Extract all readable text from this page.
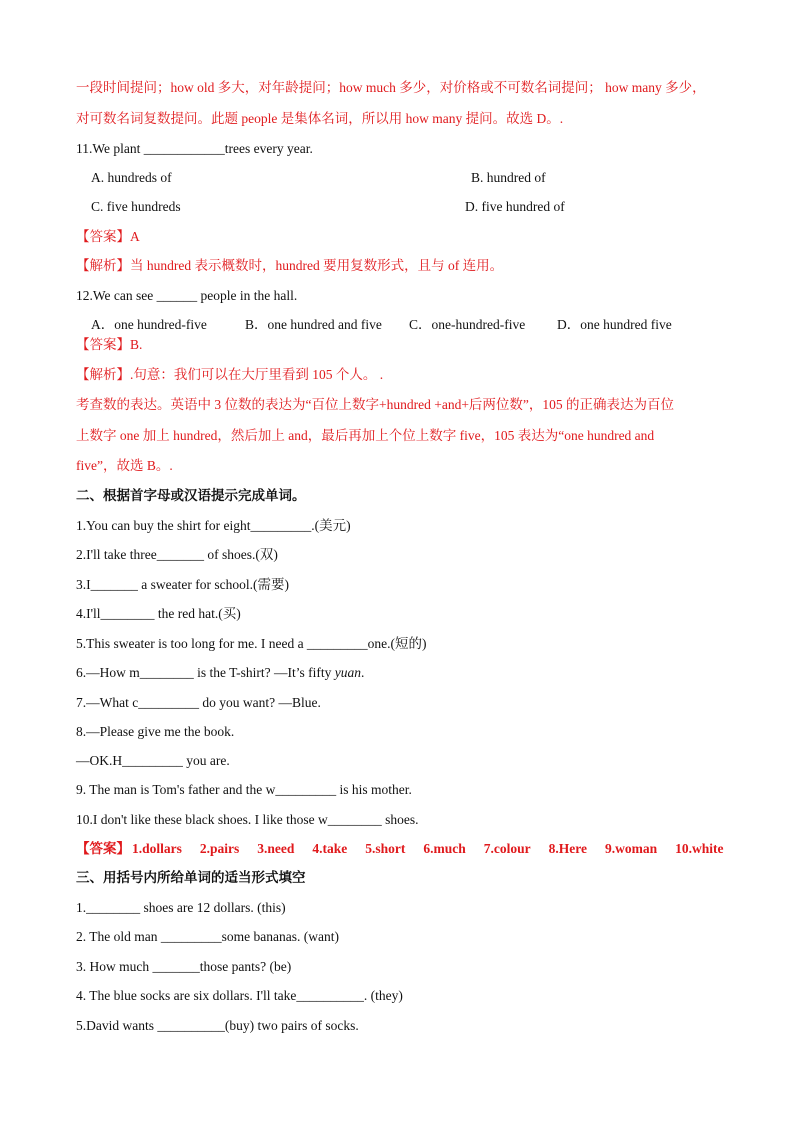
一段时间提问；how old 多大，对年龄提问；how much 多少，对价格或不可数名词提问； how many 多少，
对可数名词复数提问。此题 people 是集体名词，所以用 how many 提问。故选 D。.
11.We plant ____________trees every year.
A. hundreds of	B. hundred of
C. five hundreds	D. five hundred of
【答案】A
【解析】当 hundred 表示概数时，hundred 要用复数形式，且与 of 连用。
12.We can see ______ people in the hall.
A．one hundred-five	B．one hundred and five C．one-hundred-five D．one hundred five
【答案】B.
【解析】.句意：我们可以在大厅里看到 105 个人。 .
考查数的表达。英语中 3 位数的表达为“百位上数字+hundred +and+后两位数”，105 的正确表达为百位
上数字 one 加上 hundred，然后加上 and，最后再加上个位上数字 five，105 表达为“one hundred and
five”，故选 B。.
二、根据首字母或汉语提示完成单词。
1.You can buy the shirt for eight_________.(美元)
2.I'll take three_______ of shoes.(双)
3.I_______ a sweater for school.(需要)
4.I'll________ the red hat.(买)
5.This sweater is too long for me. I need a _________one.(短的)
6.—How m________ is the T-shirt? —It’s fifty yuan.
7.—What c_________ do you want? —Blue.
8.—Please give me the book.
—OK.H_________ you are.
9. The man is Tom's father and the w_________ is his mother.
10.I don't like these black shoes. I like those w________ shoes.
【答案】 1.dollars 2.pairs 3.need 4.take 5.short 6.much 7.colour 8.Here 9.woman 10.white
三、用括号内所给单词的适当形式填空
1.________ shoes are 12 dollars. (this)
2. The old man _________some bananas. (want)
3. How much _______those pants? (be)
4. The blue socks are six dollars. I'll take__________. (they)
5.David wants __________(buy) two pairs of socks.
